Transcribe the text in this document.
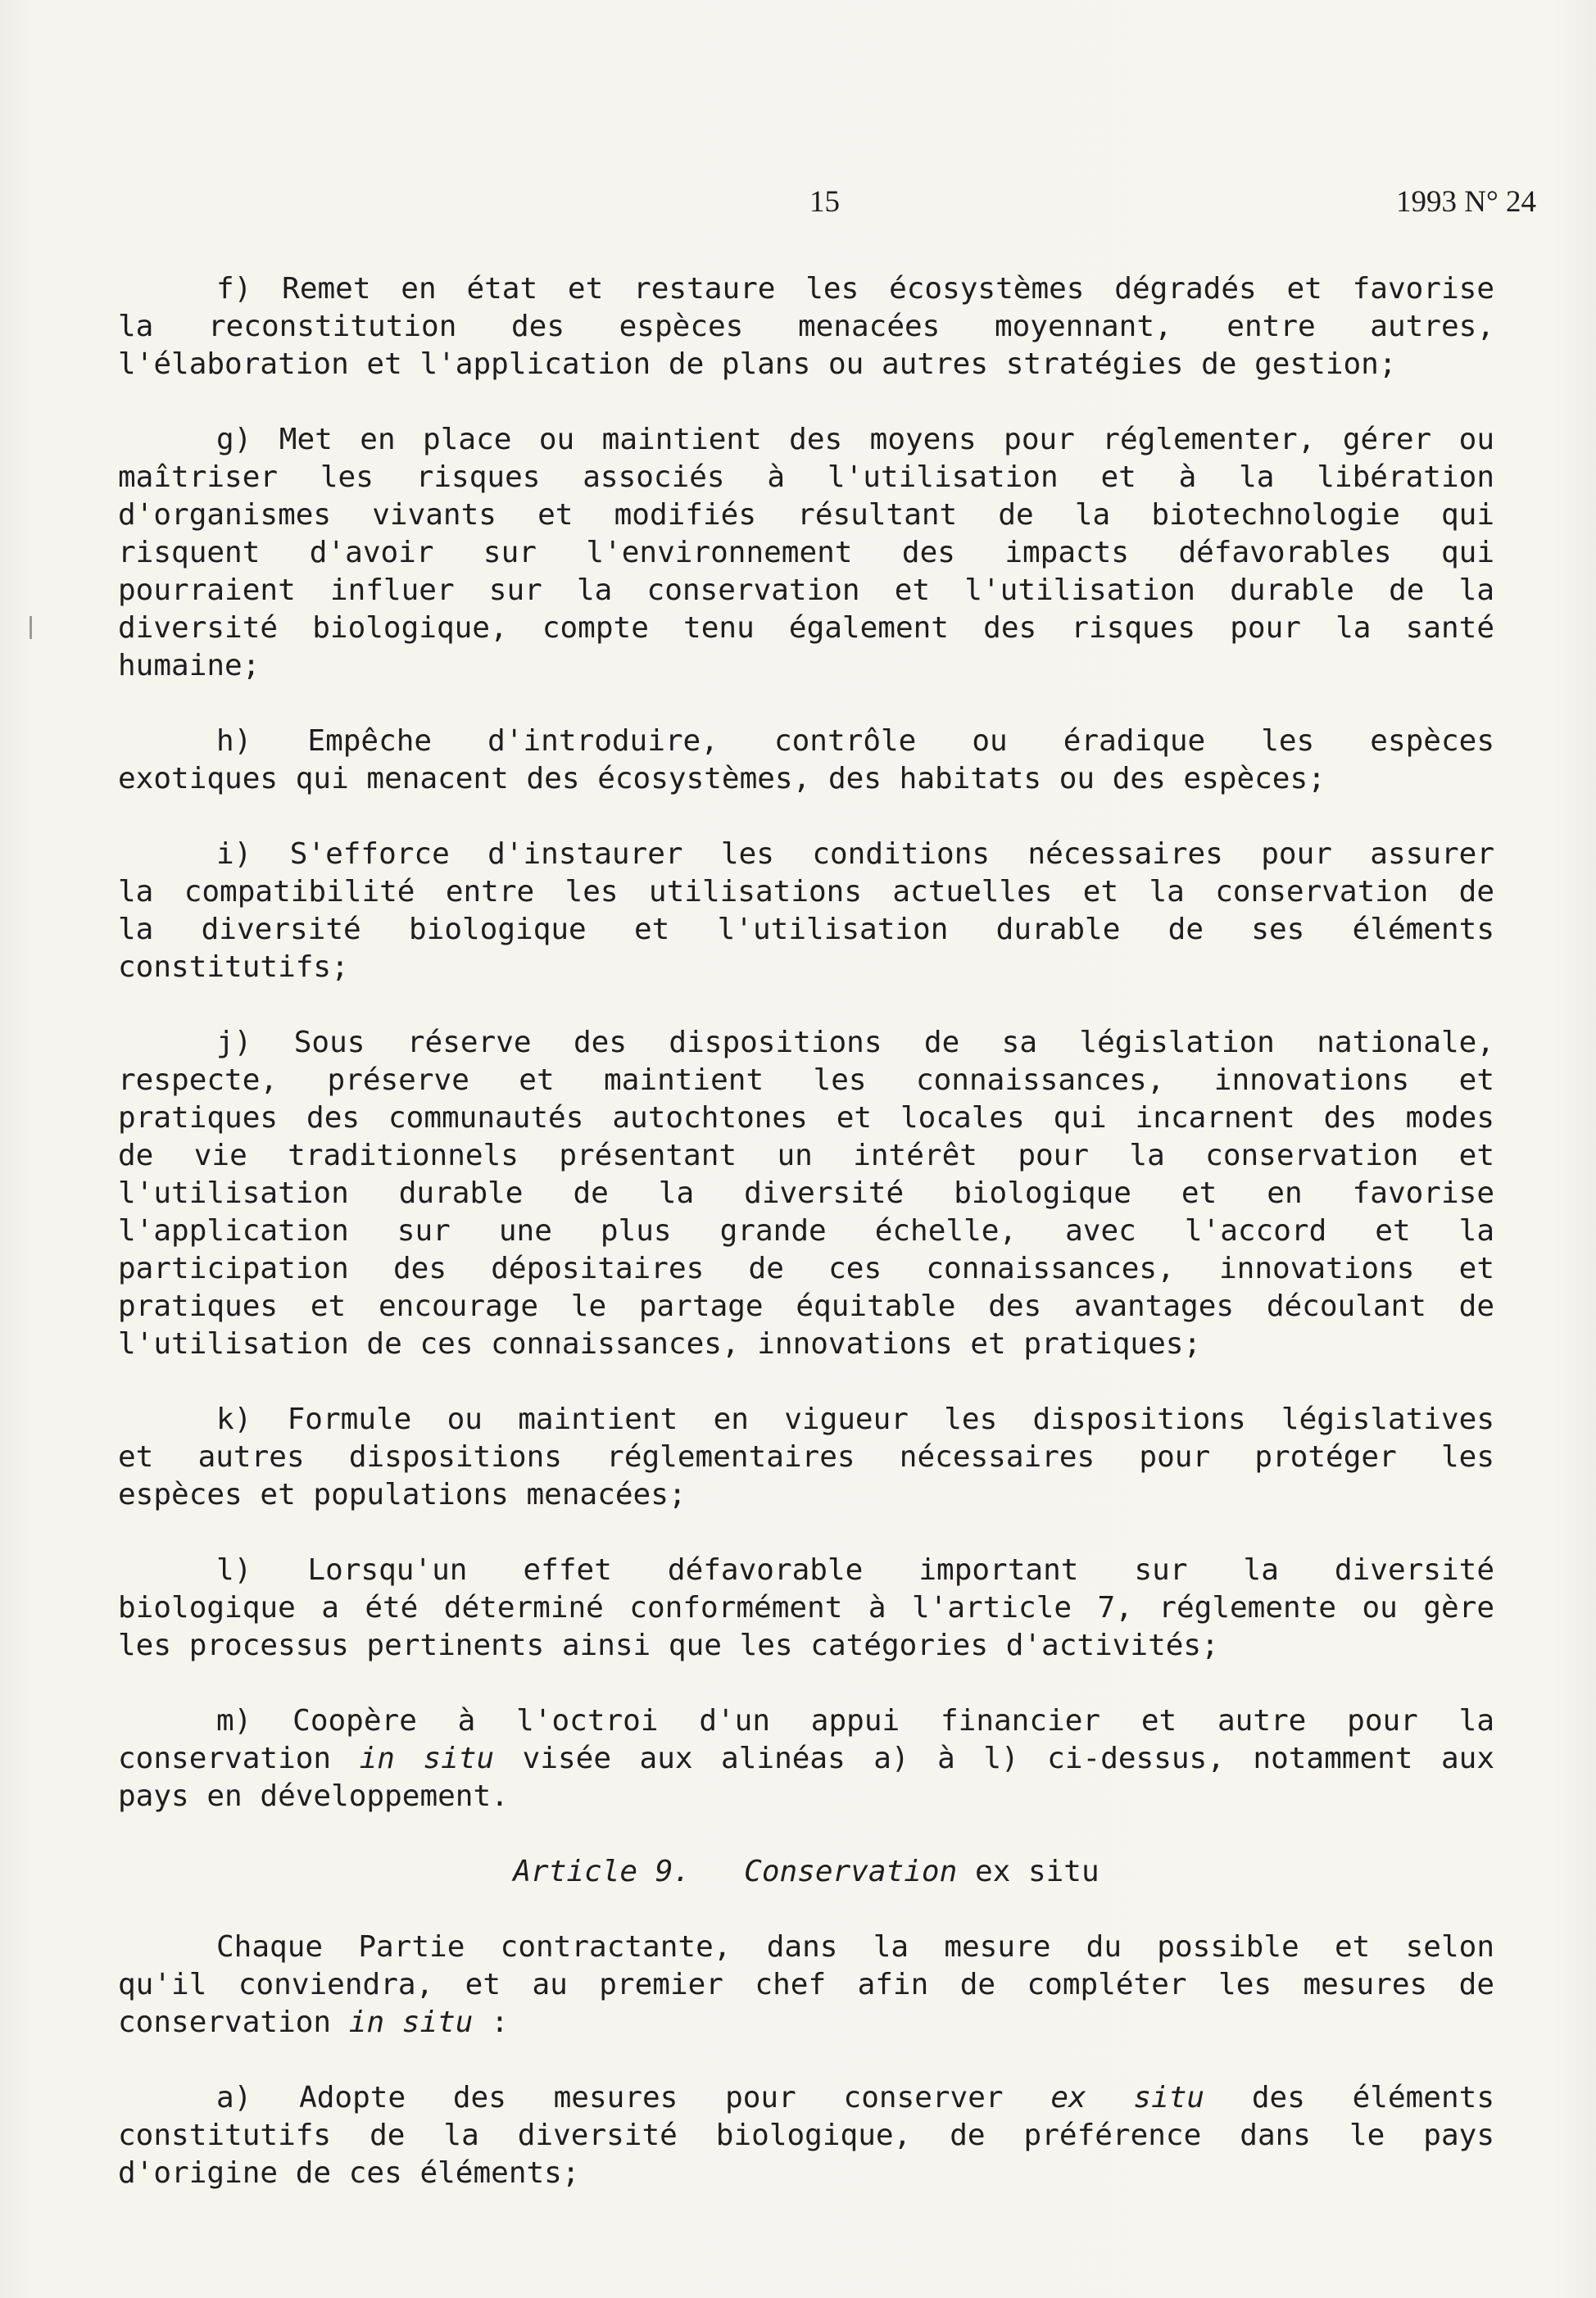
15	1993 N° 24
f) Remet en état et restaure les écosystèmes dégradés et favorise
la reconstitution des espèces menacées moyennant, entre autres,
l'élaboration et l'application de plans ou autres stratégies de gestion;
g) Met en place ou maintient des moyens pour réglementer, gérer ou
maîtriser les risques associés à l'utilisation et à la libération
d'organismes vivants et modifiés résultant de la biotechnologie qui
risquent d'avoir sur l'environnement des impacts défavorables qui
pourraient influer sur la conservation et l'utilisation durable de la
diversité biologique, compte tenu également des risques pour la santé
humaine;
h) Empêche d'introduire, contrôle ou éradique les espèces
exotiques qui menacent des écosystèmes, des habitats ou des espèces;
i) S'efforce d'instaurer les conditions nécessaires pour assurer
la compatibilité entre les utilisations actuelles et la conservation de
la diversité biologique et l'utilisation durable de ses éléments
constitutifs;
j) Sous réserve des dispositions de sa législation nationale,
respecte, préserve et maintient les connaissances, innovations et
pratiques des communautés autochtones et locales qui incarnent des modes
de vie traditionnels présentant un intérêt pour la conservation et
l'utilisation durable de la diversité biologique et en favorise
l'application sur une plus grande échelle, avec l'accord et la
participation des dépositaires de ces connaissances, innovations et
pratiques et encourage le partage équitable des avantages découlant de
l'utilisation de ces connaissances, innovations et pratiques;
k) Formule ou maintient en vigueur les dispositions législatives
et autres dispositions réglementaires nécessaires pour protéger les
espèces et populations menacées;
l) Lorsqu'un effet défavorable important sur la diversité
biologique a été déterminé conformément à l'article 7, réglemente ou gère
les processus pertinents ainsi que les catégories d'activités;
m) Coopère à l'octroi d'un appui financier et autre pour la
conservation in situ visée aux alinéas a) à l) ci-dessus, notamment aux
pays en développement.
Article 9. Conservation ex situ
Chaque Partie contractante, dans la mesure du possible et selon
qu'il conviendra, et au premier chef afin de compléter les mesures de
conservation in situ :
a) Adopte des mesures pour conserver ex situ des éléments
constitutifs de la diversité biologique, de préférence dans le pays
d'origine de ces éléments;
